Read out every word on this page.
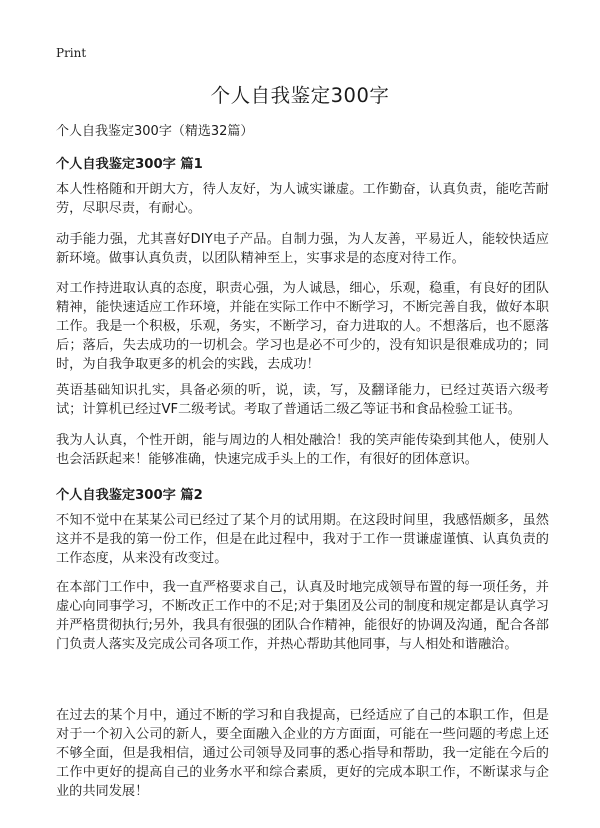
Print
个人自我鉴定300字
个人自我鉴定300字（精选32篇）
个人自我鉴定300字 篇1

本人性格随和开朗大方，待人友好，为人诚实谦虚。工作勤奋，认真负责，能吃苦耐劳，尽职尽责，有耐心。

动手能力强，尤其喜好DIY电子产品。自制力强，为人友善，平易近人，能较快适应新环境。做事认真负责，以团队精神至上，实事求是的态度对待工作。

对工作持进取认真的态度，职责心强，为人诚恳，细心，乐观，稳重，有良好的团队精神，能快速适应工作环境，并能在实际工作中不断学习，不断完善自我，做好本职工作。我是一个积极，乐观，务实，不断学习，奋力进取的人。不想落后，也不愿落后；落后，失去成功的一切机会。学习也是必不可少的，没有知识是很难成功的；同时，为自我争取更多的机会的实践，去成功！

英语基础知识扎实，具备必须的听，说，读，写，及翻译能力，已经过英语六级考试；计算机已经过VF二级考试。考取了普通话二级乙等证书和食品检验工证书。

我为人认真，个性开朗，能与周边的人相处融洽！我的笑声能传染到其他人，使别人也会活跃起来！能够准确，快速完成手头上的工作，有很好的团体意识。

个人自我鉴定300字 篇2

不知不觉中在某某公司已经过了某个月的试用期。在这段时间里，我感悟颇多，虽然这并不是我的第一份工作，但是在此过程中，我对于工作一贯谦虚谨慎、认真负责的工作态度，从来没有改变过。

在本部门工作中，我一直严格要求自己，认真及时地完成领导布置的每一项任务，并虚心向同事学习，不断改正工作中的不足;对于集团及公司的制度和规定都是认真学习并严格贯彻执行;另外，我具有很强的团队合作精神，能很好的协调及沟通，配合各部门负责人落实及完成公司各项工作，并热心帮助其他同事，与人相处和谐融洽。

在过去的某个月中，通过不断的学习和自我提高，已经适应了自己的本职工作，但是对于一个初入公司的新人，要全面融入企业的方方面面，可能在一些问题的考虑上还不够全面，但是我相信，通过公司领导及同事的悉心指导和帮助，我一定能在今后的工作中更好的提高自己的业务水平和综合素质，更好的完成本职工作，不断谋求与企业的共同发展！
